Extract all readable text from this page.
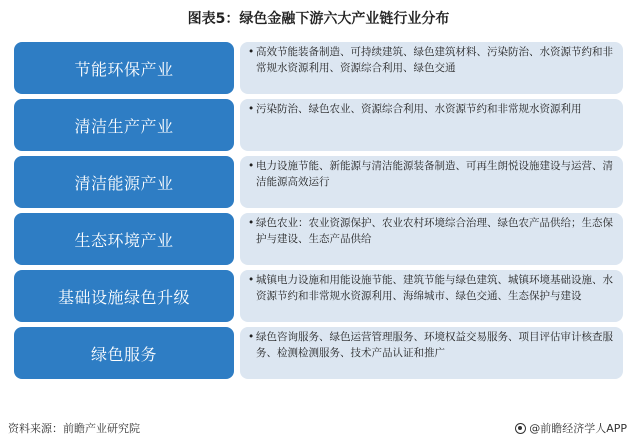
图表5：绿色金融下游六大产业链行业分布
节能环保产业
• 高效节能装备制造、可持续建筑、绿色建筑材料、污染防治、水资源节约和非常规水资源利用、资源综合利用、绿色交通
清洁生产产业
• 污染防治、绿色农业、资源综合利用、水资源节约和非常规水资源利用
清洁能源产业
• 电力设施节能、新能源与清洁能源装备制造、可再生朗悦设施建设与运营、清洁能源高效运行
生态环境产业
• 绿色农业：农业资源保护、农业农村环境综合治理、绿色农产品供给；生态保护与建设、生态产品供给
基础设施绿色升级
• 城镇电力设施和用能设施节能、建筑节能与绿色建筑、城镇环境基础设施、水资源节约和非常规水资源利用、海绵城市、绿色交通、生态保护与建设
绿色服务
• 绿色咨询服务、绿色运营管理服务、环境权益交易服务、项目评估审计核查服务、检测检测服务、技术产品认证和推广
资料来源：前瞻产业研究院	@前瞻经济学人APP
